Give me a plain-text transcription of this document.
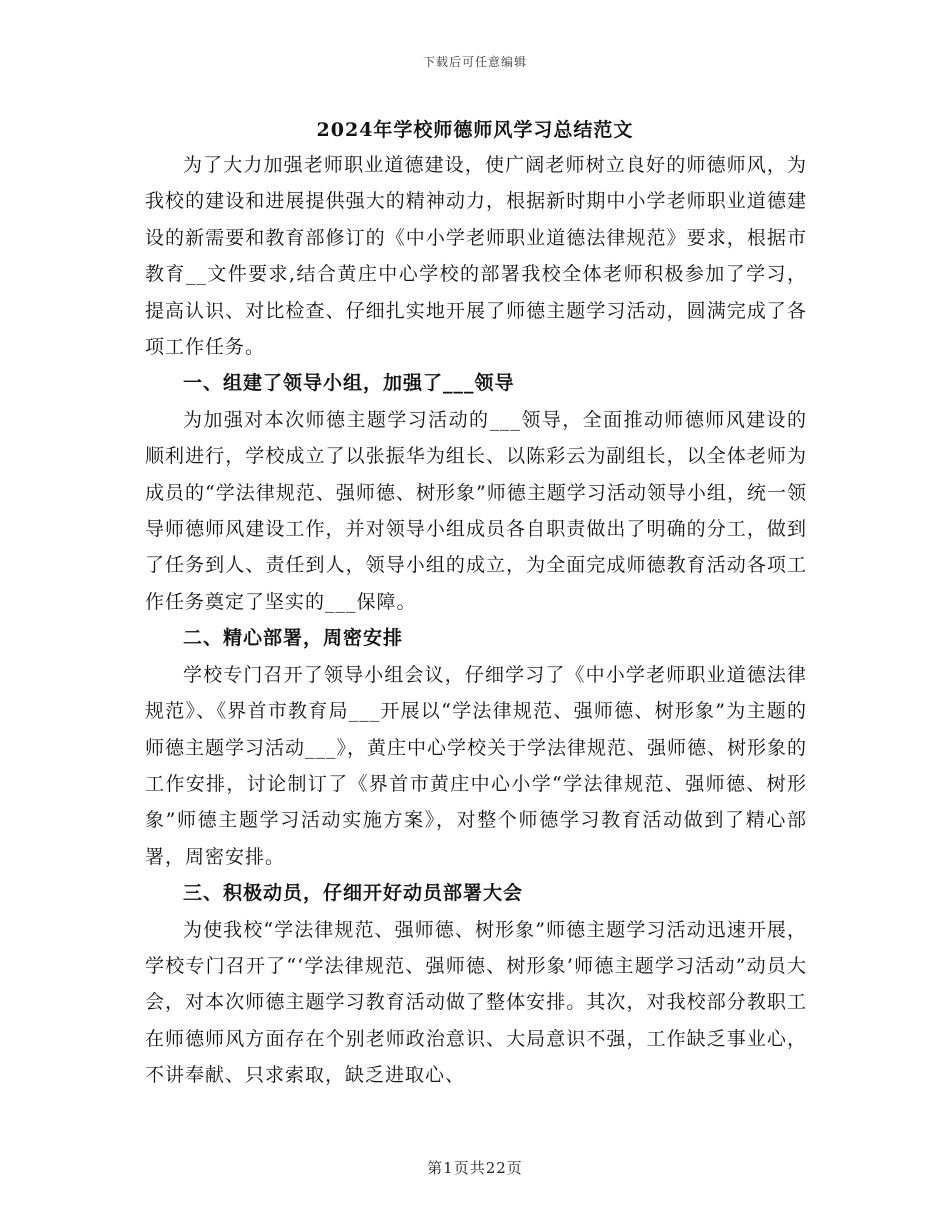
下载后可任意编辑
2024年学校师德师风学习总结范文

为了大力加强老师职业道德建设，使广阔老师树立良好的师德师风，为我校的建设和进展提供强大的精神动力，根据新时期中小学老师职业道德建设的新需要和教育部修订的《中小学老师职业道德法律规范》要求，根据市教育__文件要求,结合黄庄中心学校的部署我校全体老师积极参加了学习，提高认识、对比检查、仔细扎实地开展了师德主题学习活动，圆满完成了各项工作任务。

一、组建了领导小组，加强了___领导

为加强对本次师德主题学习活动的___领导，全面推动师德师风建设的顺利进行，学校成立了以张振华为组长、以陈彩云为副组长，以全体老师为成员的“学法律规范、强师德、树形象”师德主题学习活动领导小组，统一领导师德师风建设工作，并对领导小组成员各自职责做出了明确的分工，做到了任务到人、责任到人，领导小组的成立，为全面完成师德教育活动各项工作任务奠定了坚实的___保障。

二、精心部署，周密安排

学校专门召开了领导小组会议，仔细学习了《中小学老师职业道德法律规范》、《界首市教育局___开展以“学法律规范、强师德、树形象”为主题的师德主题学习活动___》，黄庄中心学校关于学法律规范、强师德、树形象的工作安排，讨论制订了《界首市黄庄中心小学“学法律规范、强师德、树形象”师德主题学习活动实施方案》，对整个师德学习教育活动做到了精心部署，周密安排。

三、积极动员，仔细开好动员部署大会

为使我校“学法律规范、强师德、树形象”师德主题学习活动迅速开展，学校专门召开了“‘学法律规范、强师德、树形象’师德主题学习活动”动员大会，对本次师德主题学习教育活动做了整体安排。其次，对我校部分教职工在师德师风方面存在个别老师政治意识、大局意识不强，工作缺乏事业心，不讲奉献、只求索取，缺乏进取心、

第1页共22页
